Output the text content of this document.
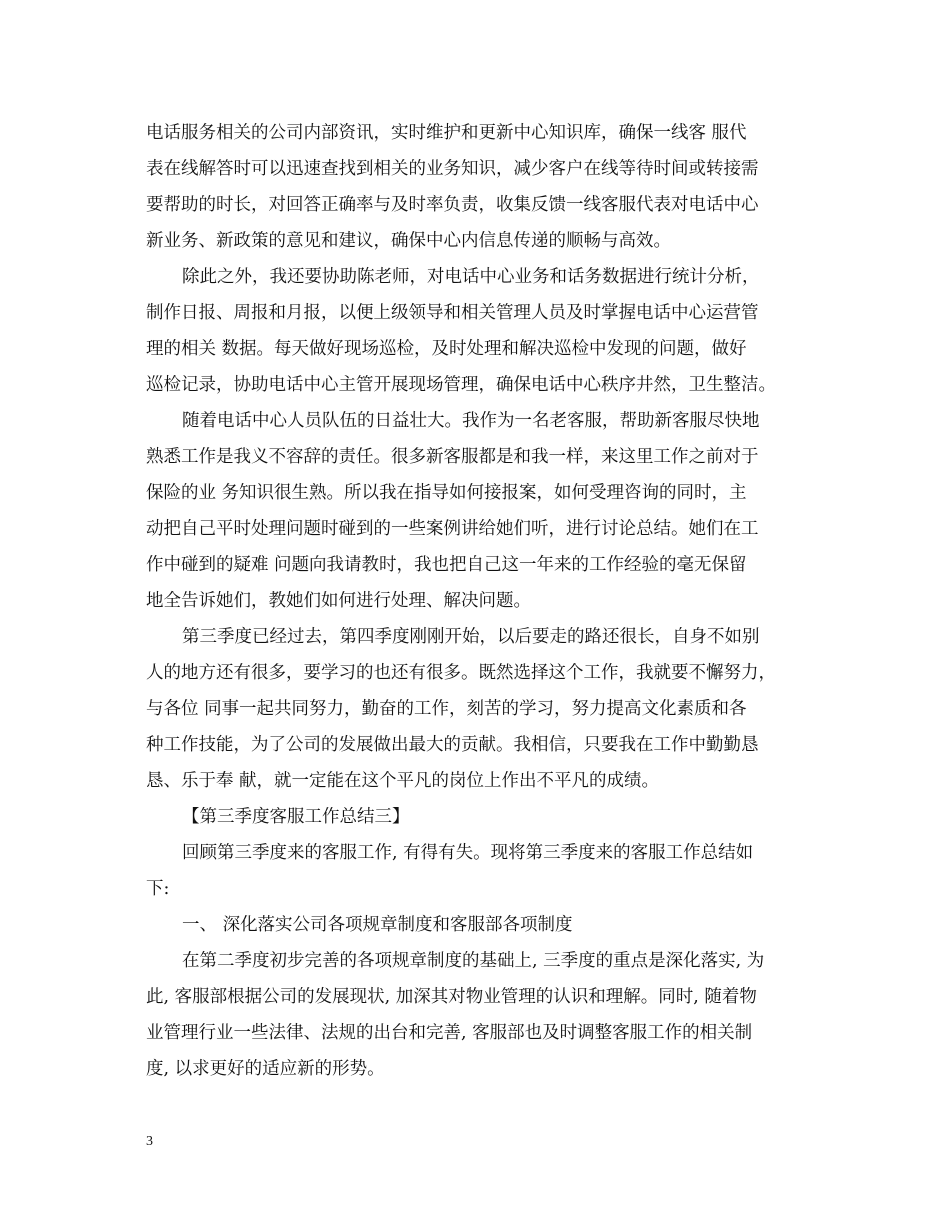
电话服务相关的公司内部资讯，实时维护和更新中心知识库，确保一线客 服代
表在线解答时可以迅速查找到相关的业务知识，减少客户在线等待时间或转接需
要帮助的时长，对回答正确率与及时率负责，收集反馈一线客服代表对电话中心
新业务、新政策的意见和建议，确保中心内信息传递的顺畅与高效。
除此之外，我还要协助陈老师，对电话中心业务和话务数据进行统计分析，
制作日报、周报和月报，以便上级领导和相关管理人员及时掌握电话中心运营管
理的相关 数据。每天做好现场巡检，及时处理和解决巡检中发现的问题，做好
巡检记录，协助电话中心主管开展现场管理，确保电话中心秩序井然，卫生整洁。
随着电话中心人员队伍的日益壮大。我作为一名老客服，帮助新客服尽快地
熟悉工作是我义不容辞的责任。很多新客服都是和我一样，来这里工作之前对于
保险的业 务知识很生熟。所以我在指导如何接报案，如何受理咨询的同时，主
动把自己平时处理问题时碰到的一些案例讲给她们听，进行讨论总结。她们在工
作中碰到的疑难 问题向我请教时，我也把自己这一年来的工作经验的毫无保留
地全告诉她们，教她们如何进行处理、解决问题。
第三季度已经过去，第四季度刚刚开始，以后要走的路还很长，自身不如别
人的地方还有很多，要学习的也还有很多。既然选择这个工作，我就要不懈努力，
与各位 同事一起共同努力，勤奋的工作，刻苦的学习，努力提高文化素质和各
种工作技能，为了公司的发展做出最大的贡献。我相信，只要我在工作中勤勤恳
恳、乐于奉 献，就一定能在这个平凡的岗位上作出不平凡的成绩。
【第三季度客服工作总结三】
回顾第三季度来的客服工作, 有得有失。现将第三季度来的客服工作总结如
下:
一、 深化落实公司各项规章制度和客服部各项制度
在第二季度初步完善的各项规章制度的基础上, 三季度的重点是深化落实, 为
此, 客服部根据公司的发展现状, 加深其对物业管理的认识和理解。同时, 随着物
业管理行业一些法律、法规的出台和完善, 客服部也及时调整客服工作的相关制
度, 以求更好的适应新的形势。
3
